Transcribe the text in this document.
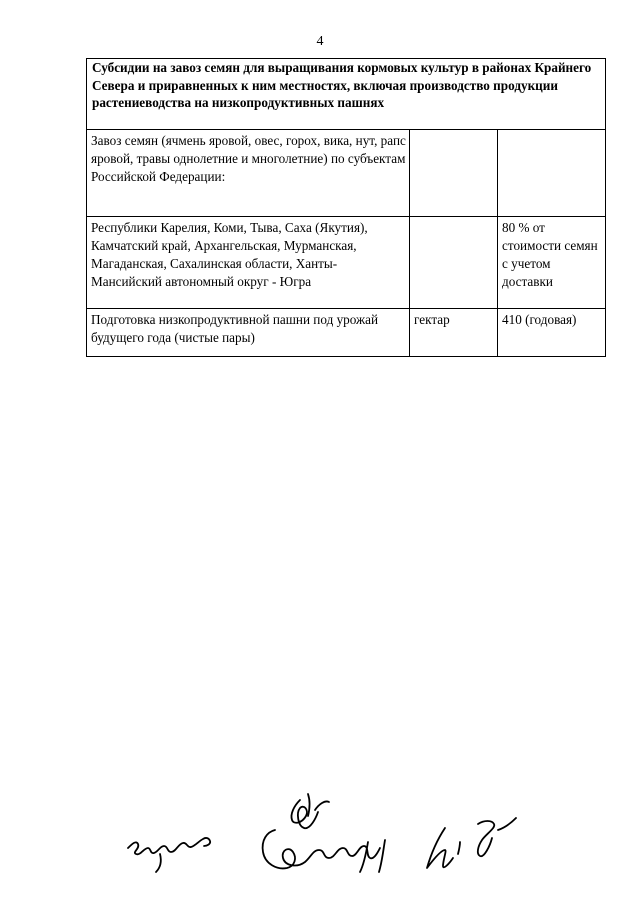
4
Субсидии на завоз семян для выращивания кормовых культур в районах Крайнего Севера и приравненных к ним местностях, включая производство продукции растениеводства на низкопродуктивных пашнях		
Завоз семян (ячмень яровой, овес, горох, вика, нут, рапс яровой, травы однолетние и многолетние) по субъектам Российской Федерации:		
Республики Карелия, Коми, Тыва, Саха (Якутия), Камчатский край, Архангельская, Мурманская, Магаданская, Сахалинская области, Ханты-Мансийский автономный округ - Югра		80 % от стоимости семян с учетом доставки
Подготовка низкопродуктивной пашни под урожай будущего года (чистые пары)	гектар	410 (годовая)
